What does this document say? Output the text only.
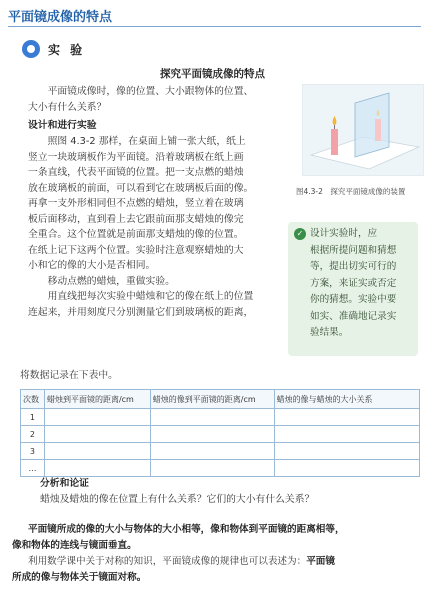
平面镜成像的特点
实 验
探究平面镜成像的特点
平面镜成像时，像的位置、大小跟物体的位置、
大小有什么关系？
设计和进行实验
照图 4.3-2 那样，在桌面上铺一张大纸，纸上
竖立一块玻璃板作为平面镜。沿着玻璃板在纸上画
一条直线，代表平面镜的位置。把一支点燃的蜡烛
放在玻璃板的前面，可以看到它在玻璃板后面的像。
再拿一支外形相同但不点燃的蜡烛，竖立着在玻璃
板后面移动，直到看上去它跟前面那支蜡烛的像完
全重合。这个位置就是前面那支蜡烛的像的位置。
在纸上记下这两个位置。实验时注意观察蜡烛的大
小和它的像的大小是否相同。
移动点燃的蜡烛，重做实验。
用直线把每次实验中蜡烛和它的像在纸上的位置
连起来，并用刻度尺分别测量它们到玻璃板的距离，
图4.3-2　探究平面镜成像的装置
✓ 设计实验时，应
根据所提问题和猜想
等，提出切实可行的
方案，来证实或否定
你的猜想。实验中要
如实、准确地记录实
验结果。
将数据记录在下表中。
次数	蜡烛到平面镜的距离/cm	蜡烛的像到平面镜的距离/cm	蜡烛的像与蜡烛的大小关系
1			
2			
3			
…			
分析和论证
蜡烛及蜡烛的像在位置上有什么关系？它们的大小有什么关系？
平面镜所成的像的大小与物体的大小相等，像和物体到平面镜的距离相等，
像和物体的连线与镜面垂直。
利用数学课中关于对称的知识，平面镜成像的规律也可以表述为：平面镜
所成的像与物体关于镜面对称。
